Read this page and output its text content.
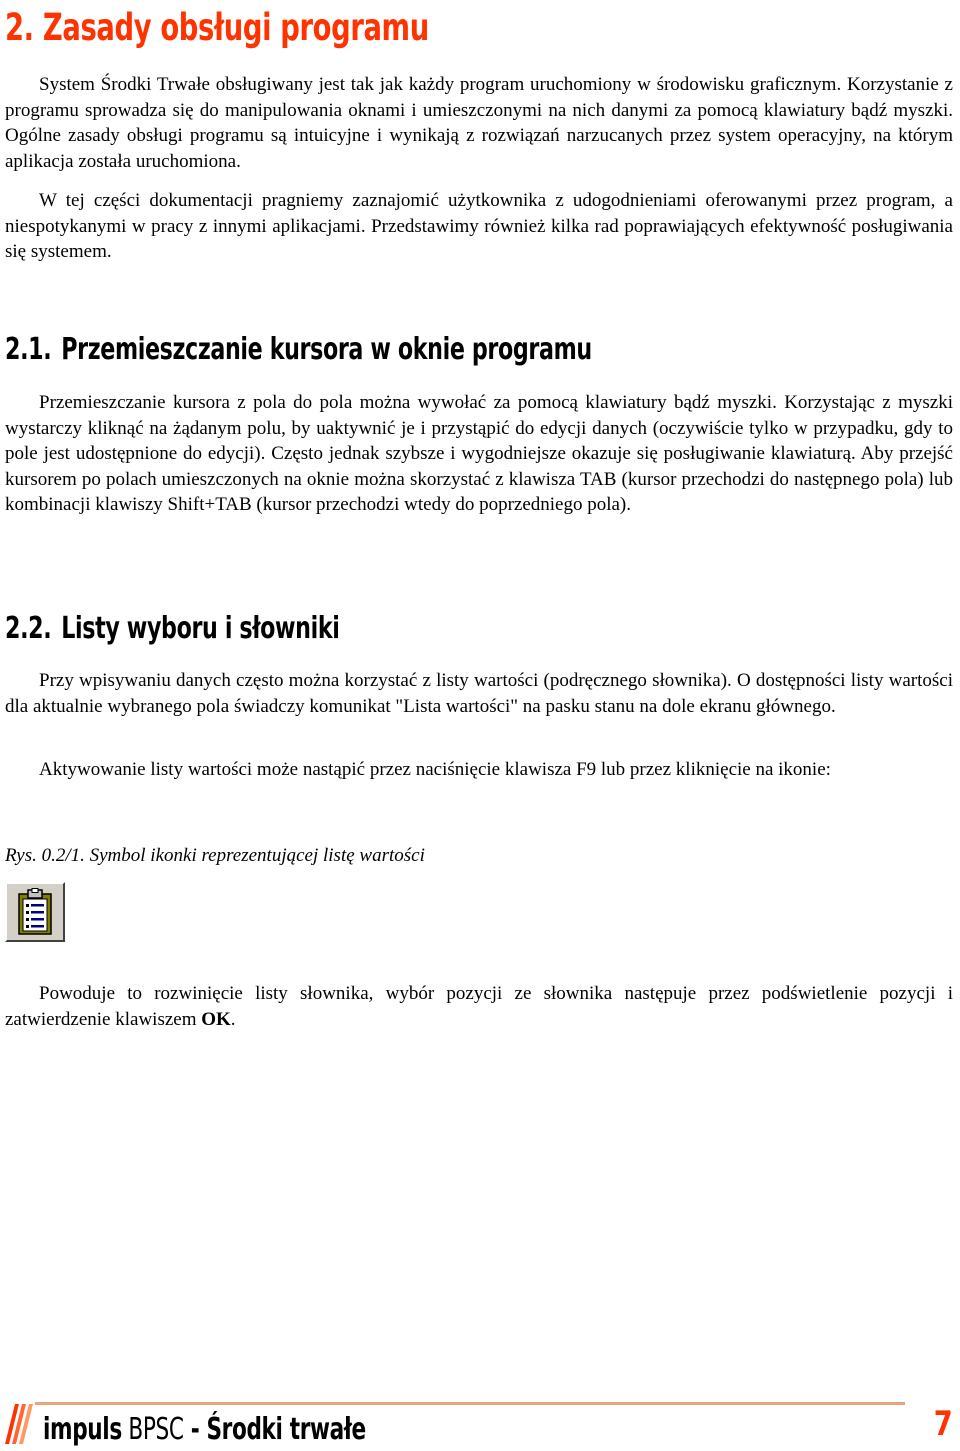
2. Zasady obsługi programu

System Środki Trwałe obsługiwany jest tak jak każdy program uruchomiony w środowisku graficznym. Korzystanie z programu sprowadza się do manipulowania oknami i umieszczonymi na nich danymi za pomocą klawiatury bądź myszki. Ogólne zasady obsługi programu są intuicyjne i wynikają z rozwiązań narzucanych przez system operacyjny, na którym aplikacja została uruchomiona.

W tej części dokumentacji pragniemy zaznajomić użytkownika z udogodnieniami oferowanymi przez program, a niespotykanymi w pracy z innymi aplikacjami. Przedstawimy również kilka rad poprawiających efektywność posługiwania się systemem.

2.1. Przemieszczanie kursora w oknie programu

Przemieszczanie kursora z pola do pola można wywołać za pomocą klawiatury bądź myszki. Korzystając z myszki wystarczy kliknąć na żądanym polu, by uaktywnić je i przystąpić do edycji danych (oczywiście tylko w przypadku, gdy to pole jest udostępnione do edycji). Często jednak szybsze i wygodniejsze okazuje się posługiwanie klawiaturą. Aby przejść kursorem po polach umieszczonych na oknie można skorzystać z klawisza TAB (kursor przechodzi do następnego pola) lub kombinacji klawiszy Shift+TAB (kursor przechodzi wtedy do poprzedniego pola).

2.2. Listy wyboru i słowniki

Przy wpisywaniu danych często można korzystać z listy wartości (podręcznego słownika). O dostępności listy wartości dla aktualnie wybranego pola świadczy komunikat "Lista wartości" na pasku stanu na dole ekranu głównego.

Aktywowanie listy wartości może nastąpić przez naciśnięcie klawisza F9 lub przez kliknięcie na ikonie:

Rys. 0.2/1. Symbol ikonki reprezentującej listę wartości

Powoduje to rozwinięcie listy słownika, wybór pozycji ze słownika następuje przez podświetlenie pozycji i zatwierdzenie klawiszem OK.

impuls BPSC - Środki trwałe	7
